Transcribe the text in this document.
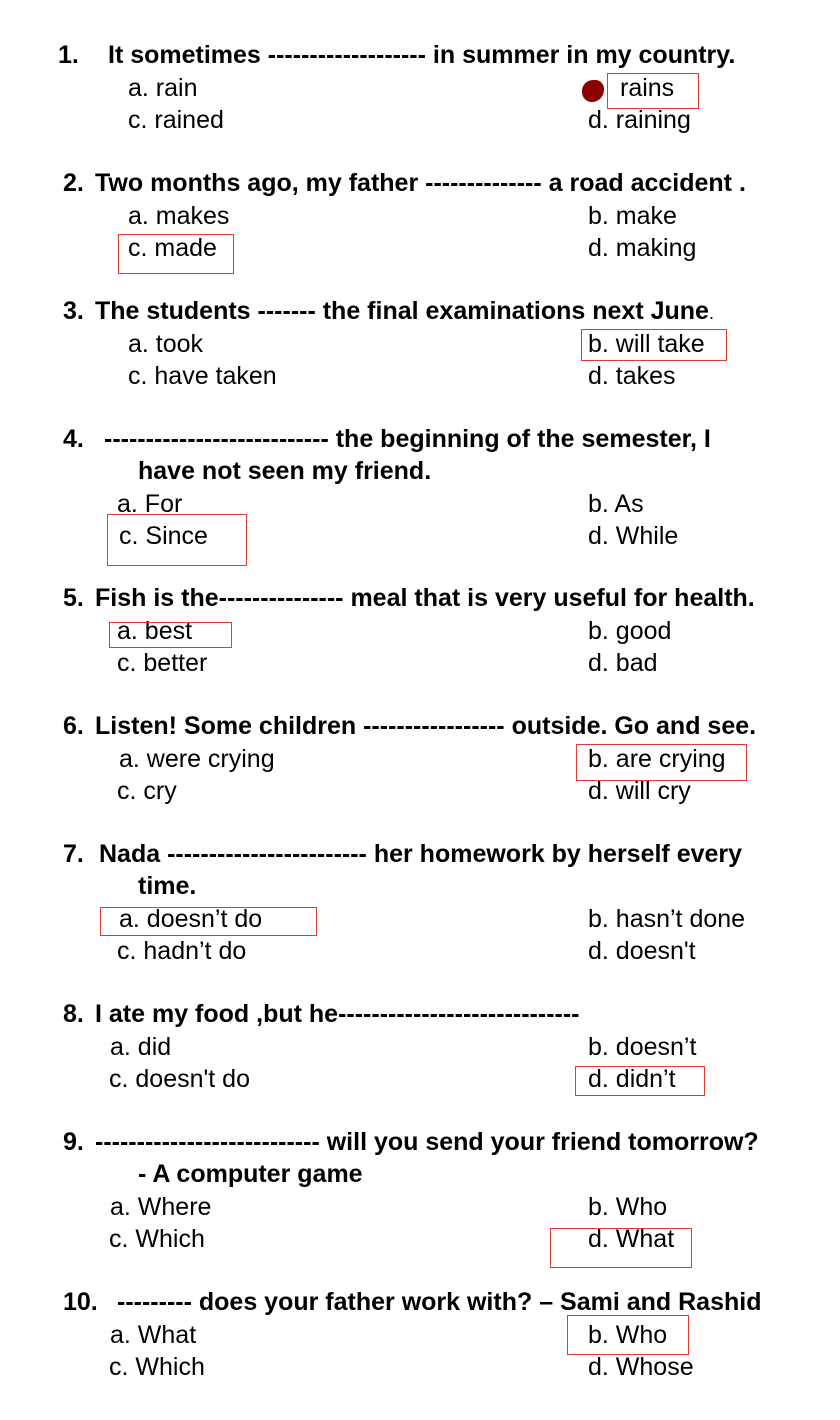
1. It sometimes ------------------- in summer in my country.
a. rain	rains
c. rained	d. raining
2. Two months ago, my father -------------- a road accident .
a. makes	b. make
c. made	d. making
3. The students ------- the final examinations next June.
a. took	b. will take
c. have taken	d. takes
4. --------------------------- the beginning of the semester, I
have not seen my friend.
a. For	b. As
c. Since	d. While
5. Fish is the--------------- meal that is very useful for health.
a. best	b. good
c. better	d. bad
6. Listen! Some children ----------------- outside. Go and see.
a. were crying	b. are crying
c. cry	d. will cry
7. Nada ------------------------ her homework by herself every
time.
a. doesn’t do	b. hasn’t done
c. hadn’t do	d. doesn't
8. I ate my food ,but he-----------------------------
a. did	b. doesn’t
c. doesn't do	d. didn’t
9. --------------------------- will you send your friend tomorrow?
- A computer game
a. Where	b. Who
c. Which	d. What
10. --------- does your father work with? – Sami and Rashid
a. What	b. Who
c. Which	d. Whose
